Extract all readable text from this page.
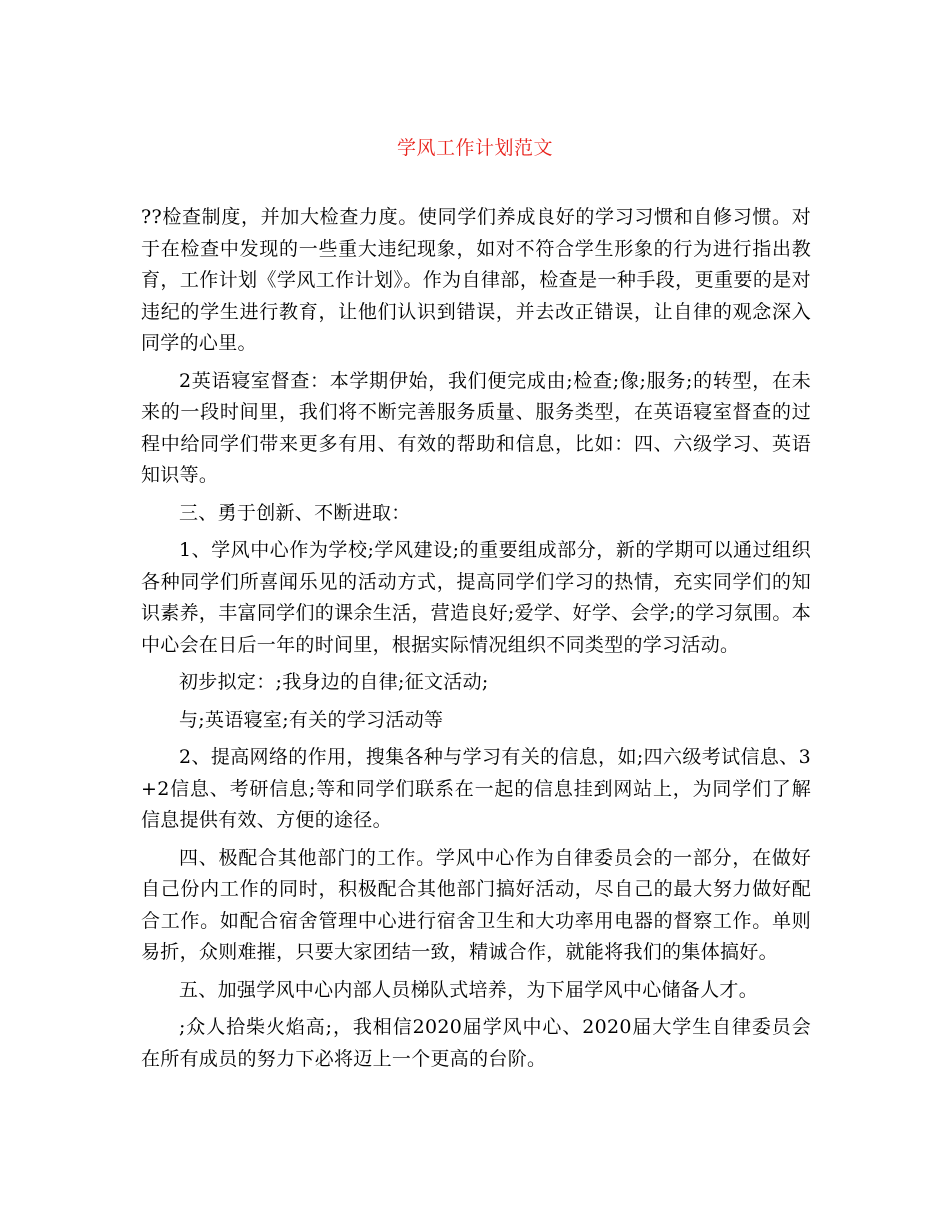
学风工作计划范文

??检查制度，并加大检查力度。使同学们养成良好的学习习惯和自修习惯。对于在检查中发现的一些重大违纪现象，如对不符合学生形象的行为进行指出教育，工作计划《学风工作计划》。作为自律部，检查是一种手段，更重要的是对违纪的学生进行教育，让他们认识到错误，并去改正错误，让自律的观念深入同学的心里。

2英语寝室督查：本学期伊始，我们便完成由;检查;像;服务;的转型，在未来的一段时间里，我们将不断完善服务质量、服务类型，在英语寝室督查的过程中给同学们带来更多有用、有效的帮助和信息，比如：四、六级学习、英语知识等。

三、勇于创新、不断进取：

1、学风中心作为学校;学风建设;的重要组成部分，新的学期可以通过组织各种同学们所喜闻乐见的活动方式，提高同学们学习的热情，充实同学们的知识素养，丰富同学们的课余生活，营造良好;爱学、好学、会学;的学习氛围。本中心会在日后一年的时间里，根据实际情况组织不同类型的学习活动。

初步拟定：;我身边的自律;征文活动;

与;英语寝室;有关的学习活动等

2、提高网络的作用，搜集各种与学习有关的信息，如;四六级考试信息、3+2信息、考研信息;等和同学们联系在一起的信息挂到网站上，为同学们了解信息提供有效、方便的途径。

四、极配合其他部门的工作。学风中心作为自律委员会的一部分，在做好自己份内工作的同时，积极配合其他部门搞好活动，尽自己的最大努力做好配合工作。如配合宿舍管理中心进行宿舍卫生和大功率用电器的督察工作。单则易折，众则难摧，只要大家团结一致，精诚合作，就能将我们的集体搞好。

五、加强学风中心内部人员梯队式培养，为下届学风中心储备人才。

;众人拾柴火焰高;，我相信2020届学风中心、2020届大学生自律委员会在所有成员的努力下必将迈上一个更高的台阶。
